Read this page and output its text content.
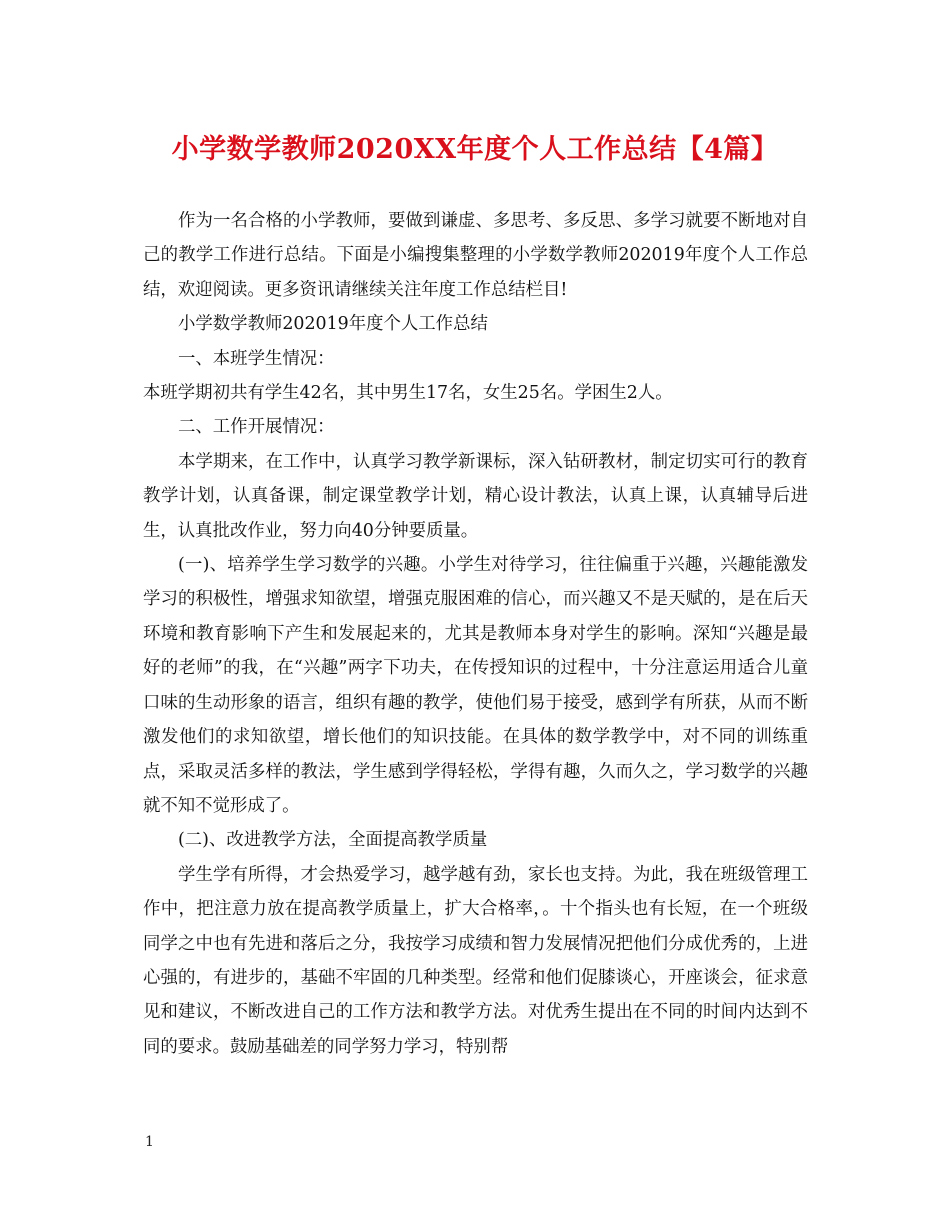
小学数学教师2020XX年度个人工作总结【4篇】

作为一名合格的小学教师，要做到谦虚、多思考、多反思、多学习就要不断地对自己的教学工作进行总结。下面是小编搜集整理的小学数学教师202019年度个人工作总结，欢迎阅读。更多资讯请继续关注年度工作总结栏目!

小学数学教师202019年度个人工作总结

一、本班学生情况：

本班学期初共有学生42名，其中男生17名，女生25名。学困生2人。

二、工作开展情况：

本学期来，在工作中，认真学习教学新课标，深入钻研教材，制定切实可行的教育教学计划，认真备课，制定课堂教学计划，精心设计教法，认真上课，认真辅导后进生，认真批改作业，努力向40分钟要质量。

(一)、培养学生学习数学的兴趣。小学生对待学习，往往偏重于兴趣，兴趣能激发学习的积极性，增强求知欲望，增强克服困难的信心，而兴趣又不是天赋的，是在后天环境和教育影响下产生和发展起来的，尤其是教师本身对学生的影响。深知“兴趣是最好的老师”的我，在“兴趣”两字下功夫，在传授知识的过程中，十分注意运用适合儿童口味的生动形象的语言，组织有趣的教学，使他们易于接受，感到学有所获，从而不断激发他们的求知欲望，增长他们的知识技能。在具体的数学教学中，对不同的训练重点，采取灵活多样的教法，学生感到学得轻松，学得有趣，久而久之，学习数学的兴趣就不知不觉形成了。

(二)、改进教学方法，全面提高教学质量

学生学有所得，才会热爱学习，越学越有劲，家长也支持。为此，我在班级管理工作中，把注意力放在提高教学质量上，扩大合格率，。十个指头也有长短，在一个班级同学之中也有先进和落后之分，我按学习成绩和智力发展情况把他们分成优秀的，上进心强的，有进步的，基础不牢固的几种类型。经常和他们促膝谈心，开座谈会，征求意见和建议，不断改进自己的工作方法和教学方法。对优秀生提出在不同的时间内达到不同的要求。鼓励基础差的同学努力学习，特别帮

1
